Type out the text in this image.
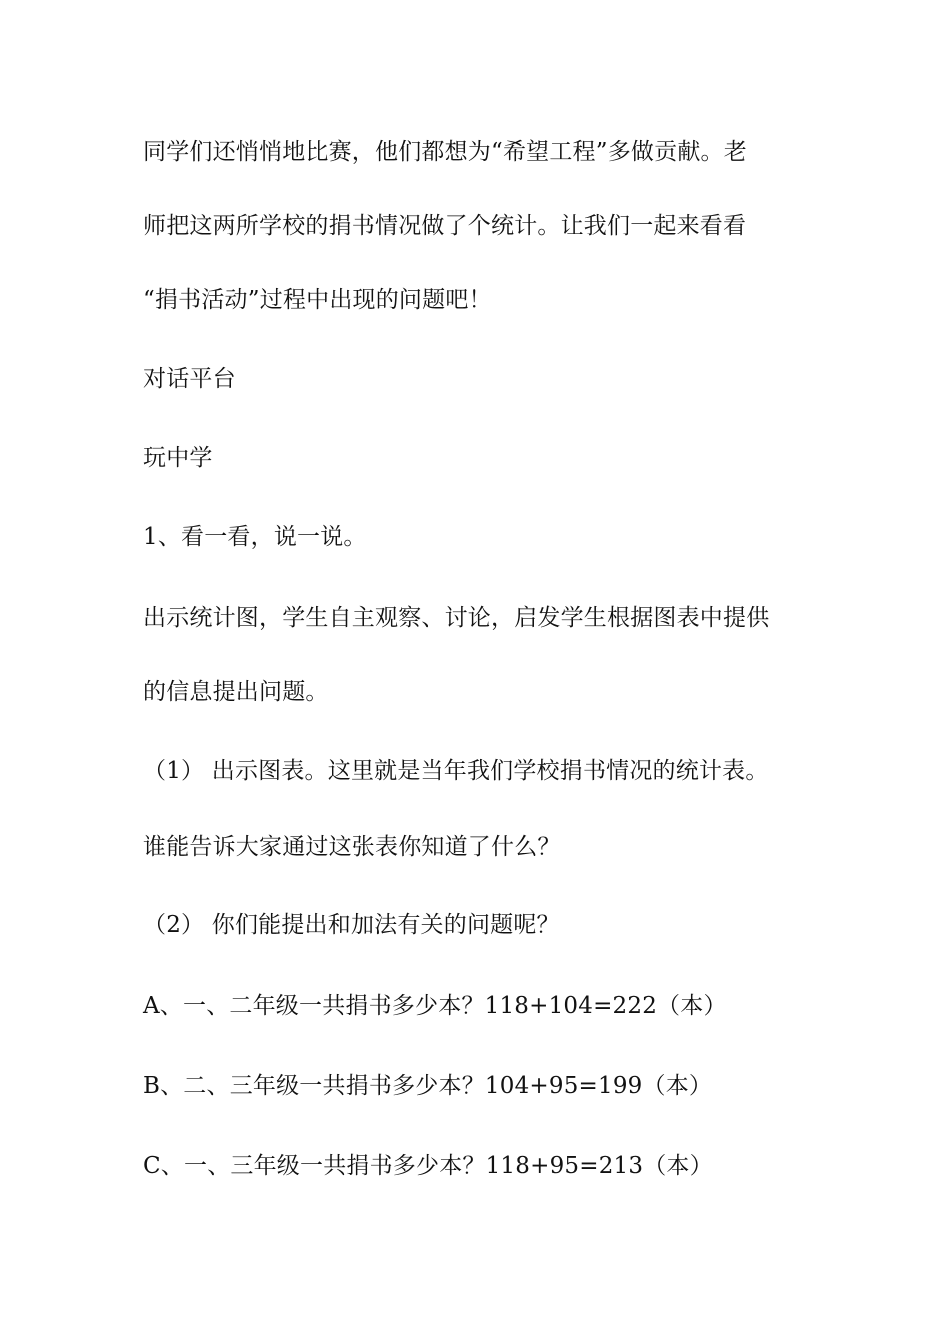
同学们还悄悄地比赛，他们都想为“希望工程”多做贡献。老
师把这两所学校的捐书情况做了个统计。让我们一起来看看
“捐书活动”过程中出现的问题吧！
对话平台
玩中学
1、看一看，说一说。
出示统计图，学生自主观察、讨论，启发学生根据图表中提供
的信息提出问题。
（1） 出示图表。这里就是当年我们学校捐书情况的统计表。
谁能告诉大家通过这张表你知道了什么？
（2） 你们能提出和加法有关的问题呢？
A、一、二年级一共捐书多少本？118+104=222（本）
B、二、三年级一共捐书多少本？104+95=199（本）
C、一、三年级一共捐书多少本？118+95=213（本）
